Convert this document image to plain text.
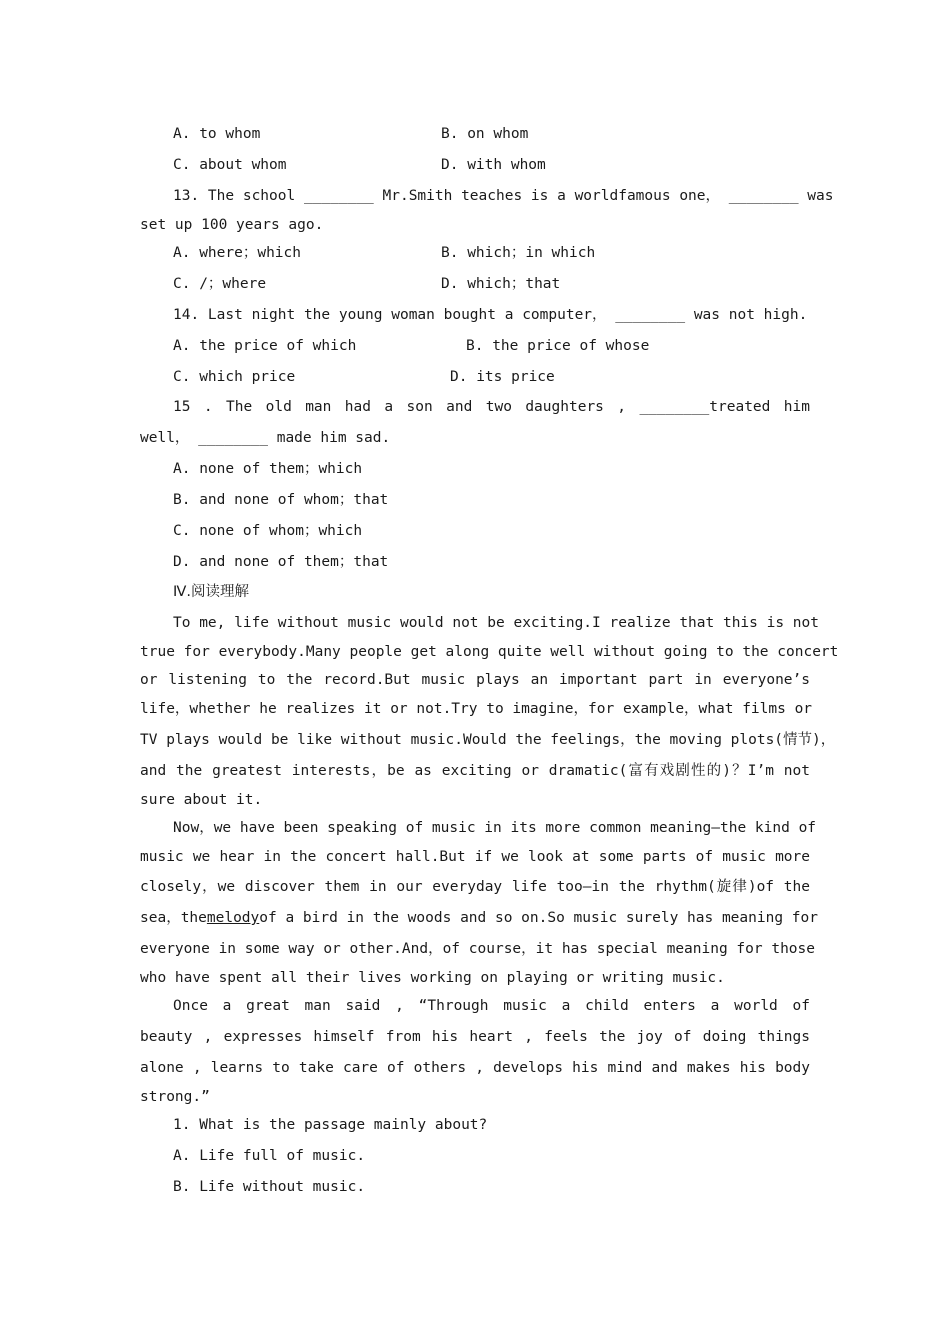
A. to whom	B. on whom
C. about whom	D. with whom
13. The school ________ Mr.Smith teaches is a worldfamous one， ________ was
set up 100 years ago.
A. where；which	B. which；in which
C. /；where	D. which；that
14. Last night the young woman bought a computer， ________ was not high.
A. the price of which	B. the price of whose
C. which price	D. its price
15 . The old man had a son and two daughters , ________treated him
well， ________ made him sad.
A. none of them；which
B. and none of whom；that
C. none of whom；which
D. and none of them；that
Ⅳ.阅读理解
To me, life without music would not be exciting.I realize that this is not
true for everybody.Many people get along quite well without going to the concert
or listening to the record.But music plays an important part in everyone’s
life，whether he realizes it or not.Try to imagine，for example，what films or
TV plays would be like without music.Would the feelings，the moving plots(情节)，
and the greatest interests，be as exciting or dramatic(富有戏剧性的)？I’m not
sure about it.
Now，we have been speaking of music in its more common meaning—the kind of
music we hear in the concert hall.But if we look at some parts of music more
closely，we discover them in our everyday life too—in the rhythm(旋律)of the
sea，the melody of a bird in the woods and so on.So music surely has meaning for
everyone in some way or other.And，of course，it has special meaning for those
who have spent all their lives working on playing or writing music.
Once a great man said , “Through music a child enters a world of
beauty , expresses himself from his heart , feels the joy of doing things
alone , learns to take care of others , develops his mind and makes his body
strong.”
1. What is the passage mainly about?
A. Life full of music.
B. Life without music.
